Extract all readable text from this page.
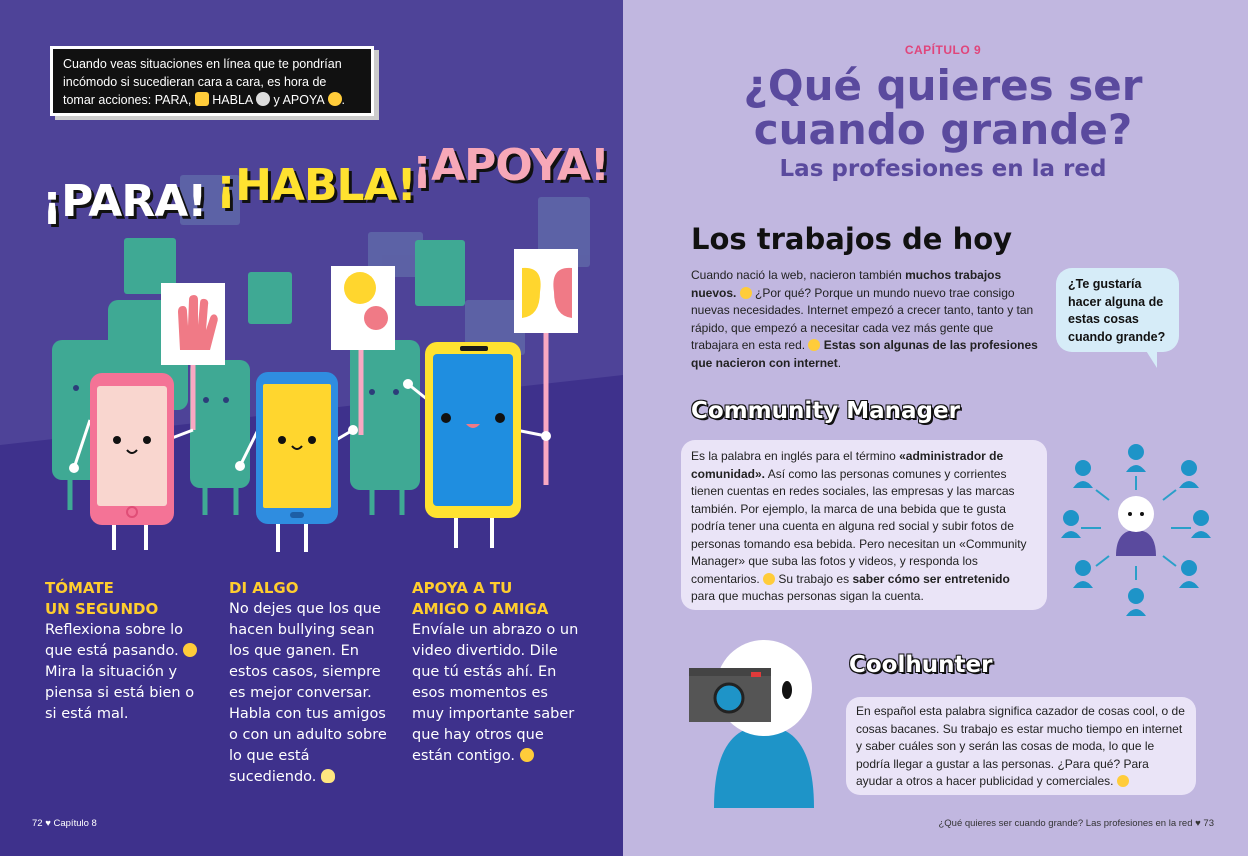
Cuando veas situaciones en línea que te pondrían incómodo si sucedieran cara a cara, es hora de tomar acciones: PARA, HABLA y APOYA .
¡PARA! ¡HABLA!
¡APOYA!
TÓMATE
UN SEGUNDO

Reflexiona sobre lo que está pasando.  Mira la situación y piensa si está bien o si está mal.

DI ALGO

No dejes que los que hacen bullying sean los que ganen. En estos casos, siempre es mejor conversar. Habla con tus amigos o con un adulto sobre lo que está sucediendo.

APOYA A TU
AMIGO O AMIGA

Envíale un abrazo o un video divertido. Dile que tú estás ahí. En esos momentos es muy importante saber que hay otros que están contigo.

72 ♥ Capítulo 8
CAPÍTULO 9
¿Qué quieres ser
cuando grande?
Las profesiones en la red
Los trabajos de hoy
Cuando nació la web, nacieron también muchos trabajos nuevos.  ¿Por qué? Porque un mundo nuevo trae consigo nuevas necesidades. Internet empezó a crecer tanto, tanto y tan rápido, que empezó a necesitar cada vez más gente que trabajara en esta red.  Estas son algunas de las profesiones que nacieron con internet.
¿Te gustaría hacer alguna de estas cosas cuando grande?
Community Manager
Es la palabra en inglés para el término «administrador de comunidad». Así como las personas comunes y corrientes tienen cuentas en redes sociales, las empresas y las marcas también. Por ejemplo, la marca de una bebida que te gusta podría tener una cuenta en alguna red social y subir fotos de personas tomando esa bebida. Pero necesitan un «Community Manager» que suba las fotos y videos, y responda los comentarios.  Su trabajo es saber cómo ser entretenido para que muchas personas sigan la cuenta.
Coolhunter
En español esta palabra significa cazador de cosas cool, o de cosas bacanes. Su trabajo es estar mucho tiempo en internet y saber cuáles son y serán las cosas de moda, lo que le podría llegar a gustar a las personas. ¿Para qué? Para ayudar a otros a hacer publicidad y comerciales.
¿Qué quieres ser cuando grande? Las profesiones en la red ♥ 73
